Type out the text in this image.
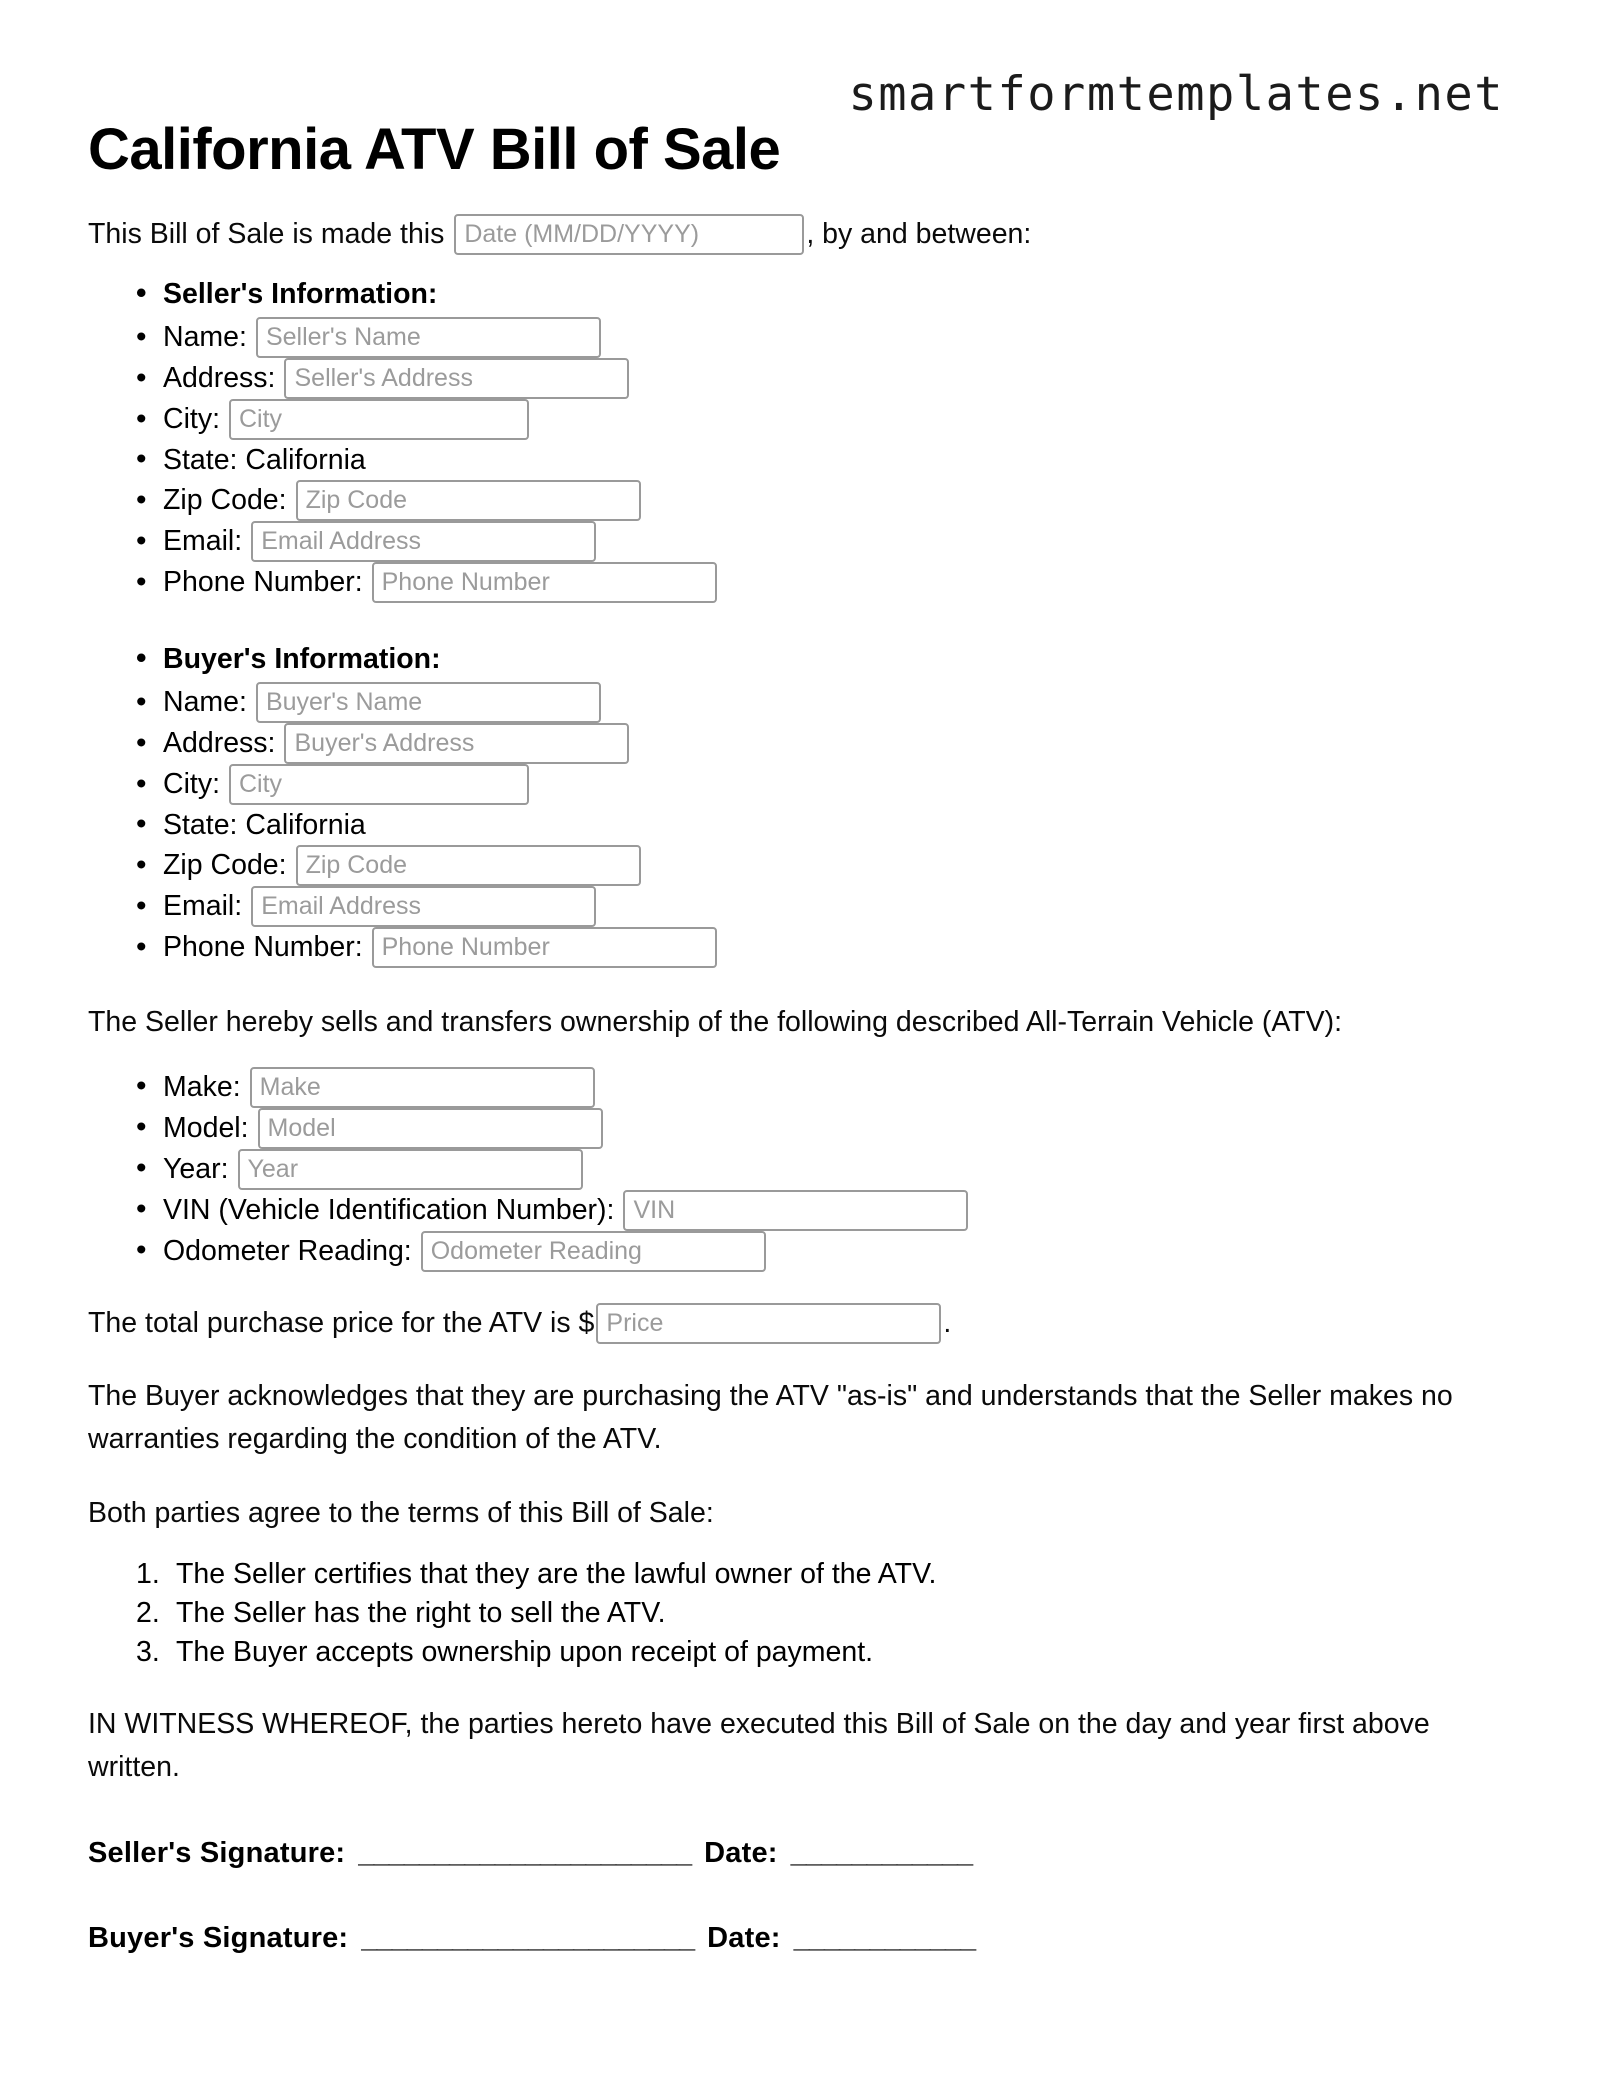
smartformtemplates.net
California ATV Bill of Sale

This Bill of Sale is made this

Date (MM/DD/YYYY)	, by and between:

• Seller's Information:
• Name:
Seller's Name
• Address:
Seller's Address
• City:
City
• State: California
• Zip Code:
Zip Code
• Email:
Email Address
• Phone Number:
Phone Number
• Buyer's Information:
• Name:
Buyer's Name
• Address:
Buyer's Address
• City:
City
• State: California
• Zip Code:
Zip Code
• Email:
Email Address
• Phone Number:
Phone Number

The Seller hereby sells and transfers ownership of the following described All-Terrain Vehicle (ATV):

• Make:
Make
• Model:
Model
• Year:
Year
• VIN (Vehicle Identification Number):
VIN
• Odometer Reading:
Odometer Reading

The total purchase price for the ATV is $
Price	.

The Buyer acknowledges that they are purchasing the ATV "as-is" and understands that the Seller makes no warranties regarding the condition of the ATV.

Both parties agree to the terms of this Bill of Sale:

The Seller certifies that they are the lawful owner of the ATV.
The Seller has the right to sell the ATV.
The Buyer accepts ownership upon receipt of payment.

IN WITNESS WHEREOF, the parties hereto have executed this Bill of Sale on the day and year first above written.

Seller's Signature: ______________________ Date: ____________
Buyer's Signature: ______________________ Date: ____________
